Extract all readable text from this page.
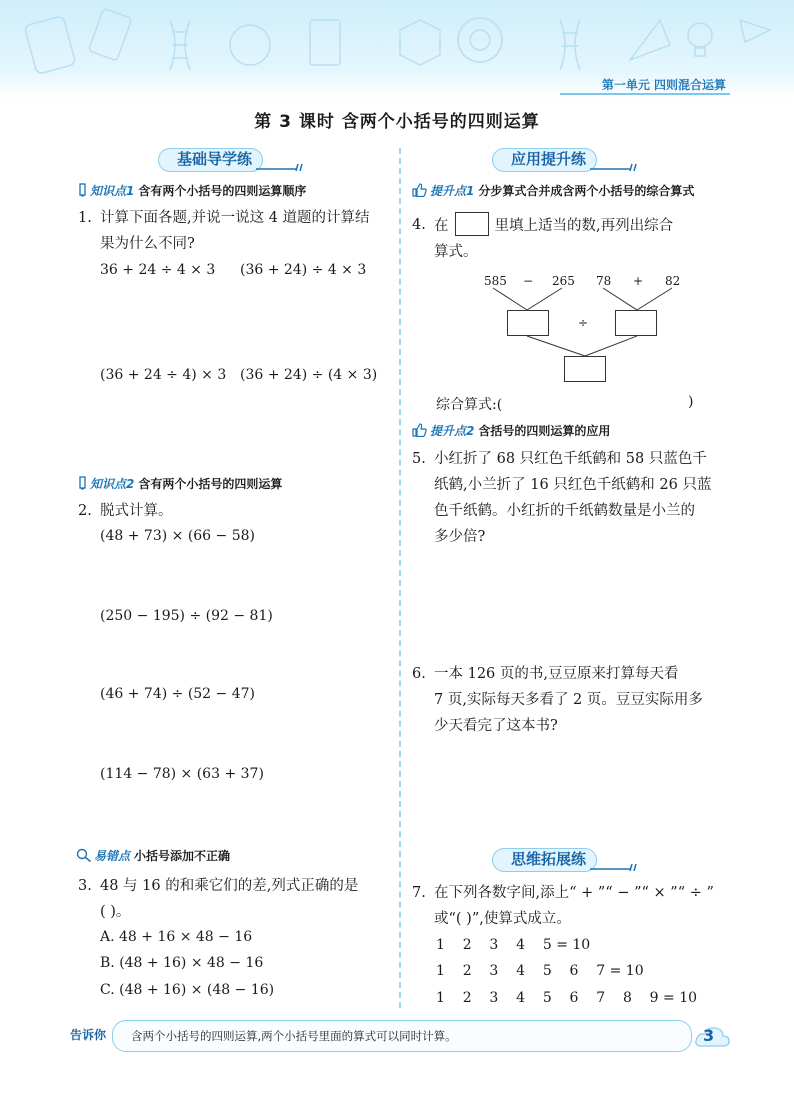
第一单元 四则混合运算
第 3 课时 含两个小括号的四则运算
基础导学练
知识点1 含有两个小括号的四则运算顺序
1. 计算下面各题,并说一说这 4 道题的计算结
果为什么不同?
36 + 24 ÷ 4 × 3 (36 + 24) ÷ 4 × 3
(36 + 24 ÷ 4) × 3 (36 + 24) ÷ (4 × 3)
知识点2 含有两个小括号的四则运算
2. 脱式计算。
(48 + 73) × (66 − 58)
(250 − 195) ÷ (92 − 81)
(46 + 74) ÷ (52 − 47)
(114 − 78) × (63 + 37)
易错点 小括号添加不正确
3. 48 与 16 的和乘它们的差,列式正确的是
( )。
A. 48 + 16 × 48 − 16
B. (48 + 16) × 48 − 16
C. (48 + 16) × (48 − 16)
应用提升练
提升点1 分步算式合并成含两个小括号的综合算式
4. 在	里填上适当的数,再列出综合
算式。
585 − 265 78 + 82
÷
综合算式:(	)
提升点2 含括号的四则运算的应用
5. 小红折了 68 只红色千纸鹤和 58 只蓝色千
纸鹤,小兰折了 16 只红色千纸鹤和 26 只蓝
色千纸鹤。小红折的千纸鹤数量是小兰的
多少倍?
6. 一本 126 页的书,豆豆原来打算每天看
7 页,实际每天多看了 2 页。豆豆实际用多
少天看完了这本书?
思维拓展练
7. 在下列各数字间,添上“ + ”“ − ”“ × ”“ ÷ ”
或“( )”,使算式成立。
1    2    3    4    5 = 10
1    2    3    4    5    6    7 = 10
1    2    3    4    5    6    7    8    9 = 10
告诉你	含两个小括号的四则运算,两个小括号里面的算式可以同时计算。	3
